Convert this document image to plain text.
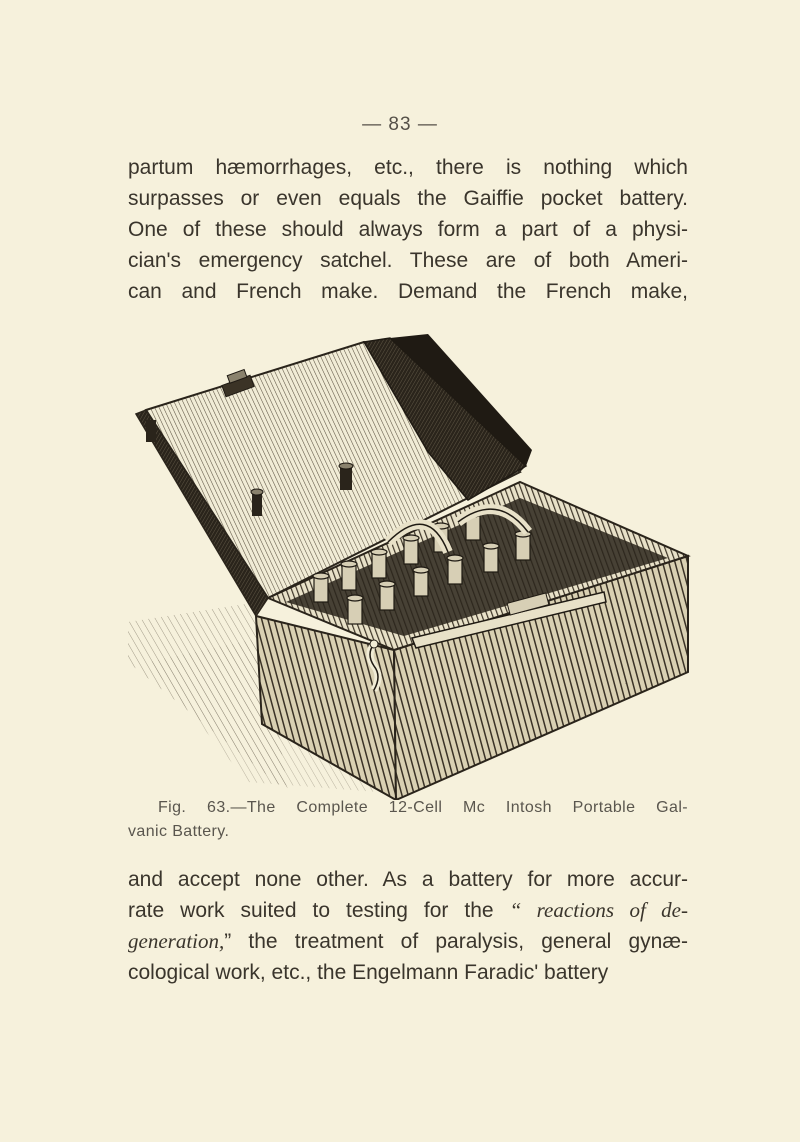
— 83 —
partum hæmorrhages, etc., there is nothing which
surpasses or even equals the Gaiffie pocket battery.
One of these should always form a part of a physi-
cian's emergency satchel. These are of both Ameri-
can and French make. Demand the French make,
Fig. 63.—The Complete 12-Cell Mc Intosh Portable Gal-
vanic Battery.
and accept none other. As a battery for more accur-
rate work suited to testing for the “ reactions of de-
generation,” the treatment of paralysis, general gynæ-
cological work, etc., the Engelmann Faradic' battery
